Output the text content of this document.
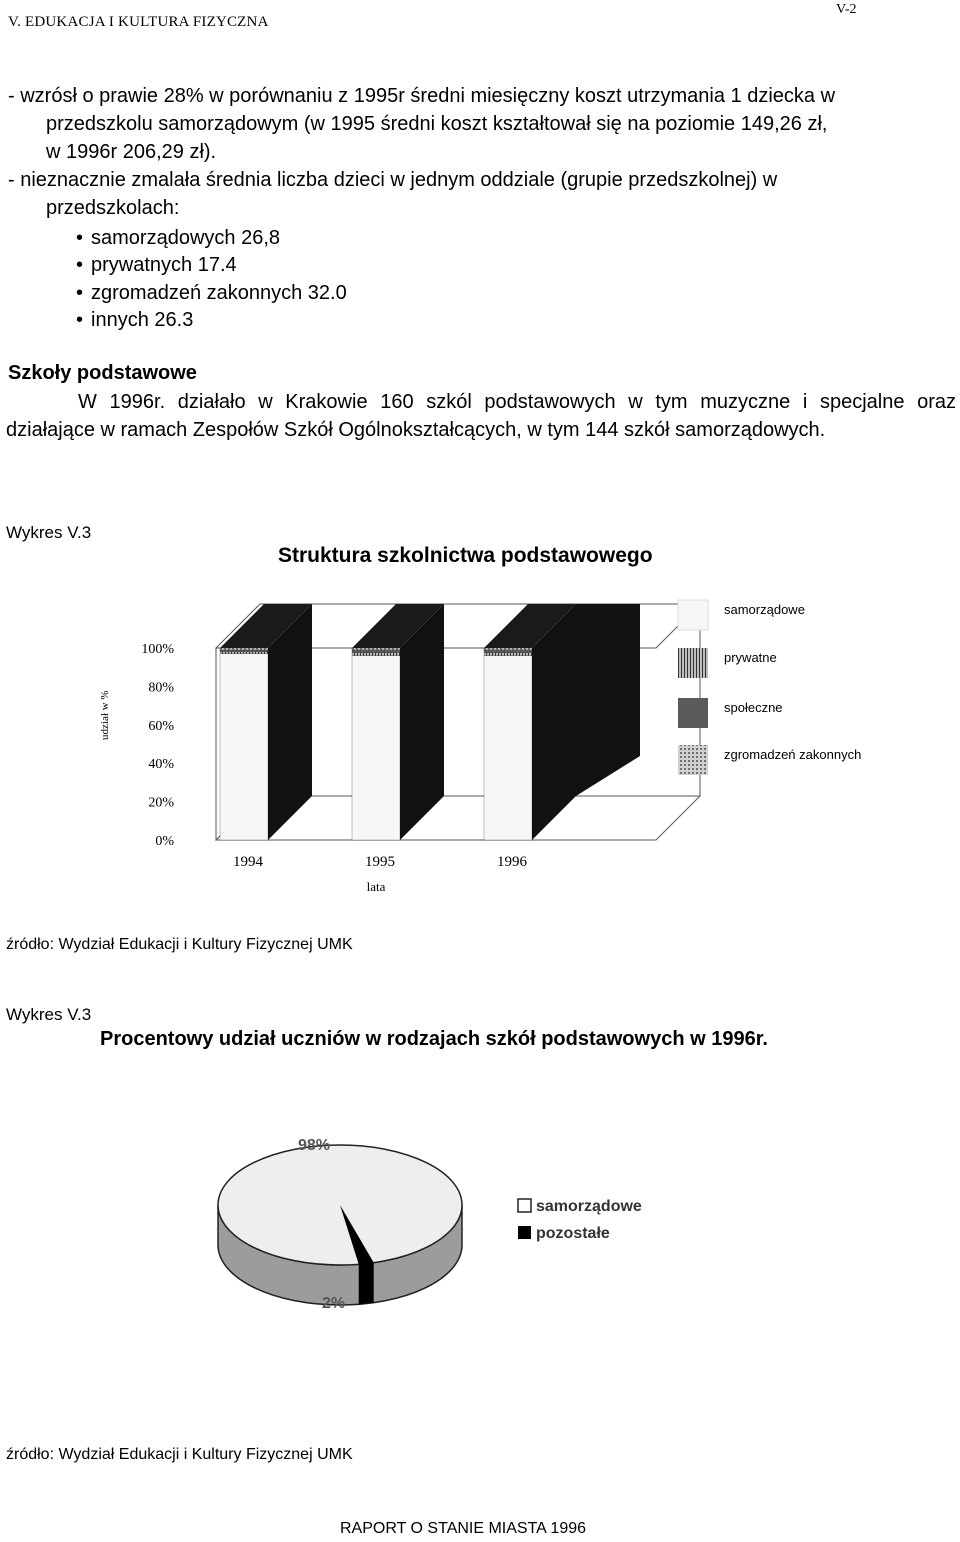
V. EDUKACJA I KULTURA FIZYCZNA
V-2
- wzrósł o prawie 28% w porównaniu z 1995r średni miesięczny koszt utrzymania 1 dziecka w
przedszkolu samorządowym (w 1995 średni koszt kształtował się na poziomie 149,26 zł,
w 1996r 206,29 zł).
- nieznacznie zmalała średnia liczba dzieci w jednym oddziale (grupie przedszkolnej) w
przedszkolach:
• samorządowych 26,8
• prywatnych 17.4
• zgromadzeń zakonnych 32.0
• innych 26.3
Szkoły podstawowe
W 1996r. działało w Krakowie 160 szkól podstawowych w tym muzyczne i specjalne oraz działające w ramach Zespołów Szkół Ogólnokształcących, w tym 144 szkół samorządowych.
Wykres V.3
Struktura szkolnictwa podstawowego
0%
20%
40%
60%
80%
100%
udział w %
1994	1995	1996
lata
samorządowe
prywatne
społeczne
zgromadzeń zakonnych
źródło: Wydział Edukacji i Kultury Fizycznej UMK
Wykres V.3
Procentowy udział uczniów w rodzajach szkół podstawowych w 1996r.
98%
2%
samorządowe
pozostałe
źródło: Wydział Edukacji i Kultury Fizycznej UMK
RAPORT O STANIE MIASTA 1996
